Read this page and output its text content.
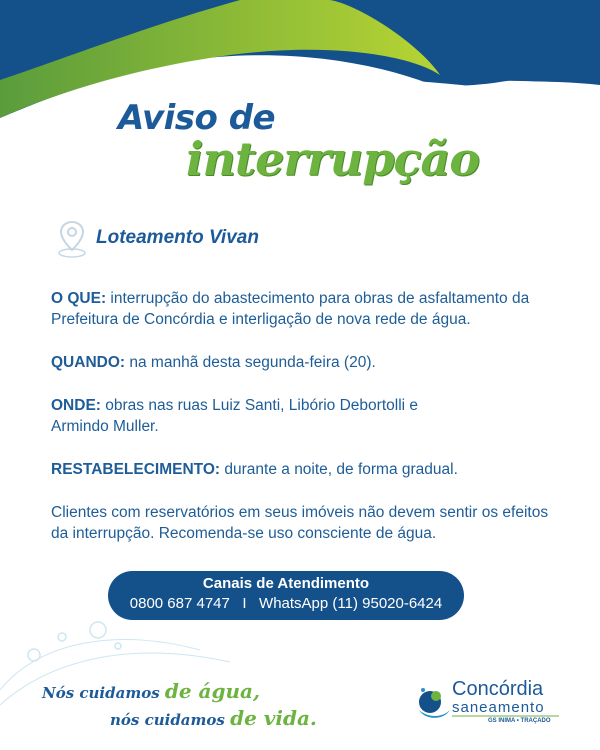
Aviso de
interrupção
Loteamento Vivan

O QUE: interrupção do abastecimento para obras de asfaltamento da Prefeitura de Concórdia e interligação de nova rede de água.

QUANDO: na manhã desta segunda-feira (20).

ONDE: obras nas ruas Luiz Santi, Libório Debortolli e Armindo Muller.

RESTABELECIMENTO: durante a noite, de forma gradual.

Clientes com reservatórios em seus imóveis não devem sentir os efeitos da interrupção. Recomenda-se uso consciente de água.

Canais de Atendimento
0800 687 4747   I   WhatsApp (11) 95020-6424
Nós cuidamos de água,
nós cuidamos de vida.
Concórdia
saneamento
GS INIMA • TRAÇADO
